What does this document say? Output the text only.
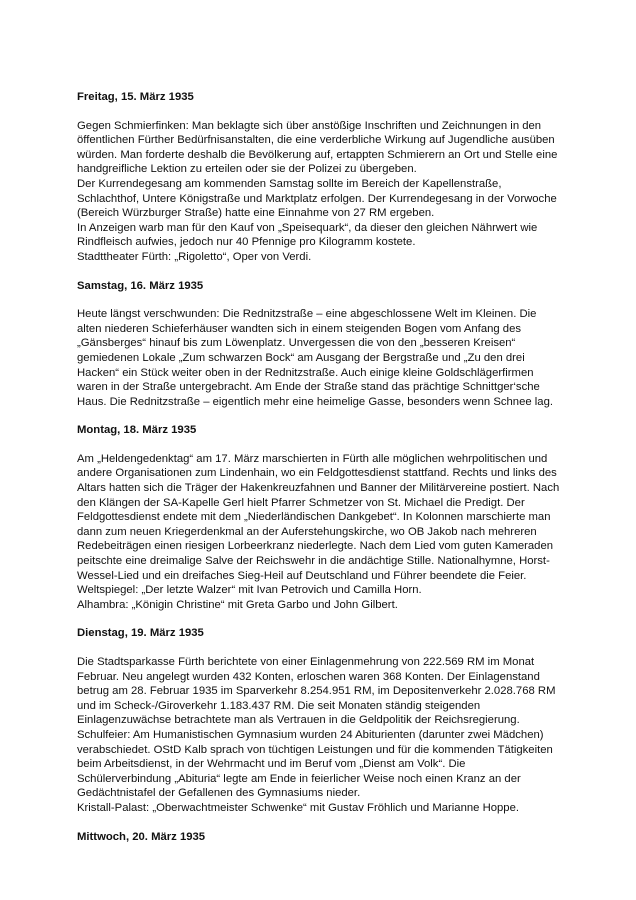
Freitag, 15. März 1935

Gegen Schmierfinken: Man beklagte sich über anstößige Inschriften und Zeichnungen in den öffentlichen Fürther Bedürfnisanstalten, die eine verderbliche Wirkung auf Jugendliche ausüben würden. Man forderte deshalb die Bevölkerung auf, ertappten Schmierern an Ort und Stelle eine handgreifliche Lektion zu erteilen oder sie der Polizei zu übergeben.

Der Kurrendegesang am kommenden Samstag sollte im Bereich der Kapellenstraße, Schlachthof, Untere Königstraße und Marktplatz erfolgen. Der Kurrendegesang in der Vorwoche (Bereich Würzburger Straße) hatte eine Einnahme von 27 RM ergeben.

In Anzeigen warb man für den Kauf von „Speisequark“, da dieser den gleichen Nährwert wie Rindfleisch aufwies, jedoch nur 40 Pfennige pro Kilogramm kostete.

Stadttheater Fürth: „Rigoletto“, Oper von Verdi.

Samstag, 16. März 1935

Heute längst verschwunden: Die Rednitzstraße – eine abgeschlossene Welt im Kleinen. Die alten niederen Schieferhäuser wandten sich in einem steigenden Bogen vom Anfang des „Gänsberges“ hinauf bis zum Löwenplatz. Unvergessen die von den „besseren Kreisen“ gemiedenen Lokale „Zum schwarzen Bock“ am Ausgang der Bergstraße und „Zu den drei Hacken“ ein Stück weiter oben in der Rednitzstraße. Auch einige kleine Goldschlägerfirmen waren in der Straße untergebracht. Am Ende der Straße stand das prächtige Schnittger‘sche Haus. Die Rednitzstraße – eigentlich mehr eine heimelige Gasse, besonders wenn Schnee lag.

Montag, 18. März 1935

Am „Heldengedenktag“ am 17. März marschierten in Fürth alle möglichen wehrpolitischen und andere Organisationen zum Lindenhain, wo ein Feldgottesdienst stattfand. Rechts und links des Altars hatten sich die Träger der Hakenkreuzfahnen und Banner der Militärvereine postiert. Nach den Klängen der SA-Kapelle Gerl hielt Pfarrer Schmetzer von St. Michael die Predigt. Der Feldgottesdienst endete mit dem „Niederländischen Dankgebet“. In Kolonnen marschierte man dann zum neuen Kriegerdenkmal an der Auferstehungskirche, wo OB Jakob nach mehreren Redebeiträgen einen riesigen Lorbeerkranz niederlegte. Nach dem Lied vom guten Kameraden peitschte eine dreimalige Salve der Reichswehr in die andächtige Stille. Nationalhymne, Horst-Wessel-Lied und ein dreifaches Sieg-Heil auf Deutschland und Führer beendete die Feier.

Weltspiegel: „Der letzte Walzer“ mit Ivan Petrovich und Camilla Horn.

Alhambra: „Königin Christine“ mit Greta Garbo und John Gilbert.

Dienstag, 19. März 1935

Die Stadtsparkasse Fürth berichtete von einer Einlagenmehrung von 222.569 RM im Monat Februar. Neu angelegt wurden 432 Konten, erloschen waren 368 Konten. Der Einlagenstand betrug am 28. Februar 1935 im Sparverkehr 8.254.951 RM, im Depositenverkehr 2.028.768 RM und im Scheck-/Giroverkehr 1.183.437 RM. Die seit Monaten ständig steigenden Einlagenzuwächse betrachtete man als Vertrauen in die Geldpolitik der Reichsregierung.

Schulfeier: Am Humanistischen Gymnasium wurden 24 Abiturienten (darunter zwei Mädchen) verabschiedet. OStD Kalb sprach von tüchtigen Leistungen und für die kommenden Tätigkeiten beim Arbeitsdienst, in der Wehrmacht und im Beruf vom „Dienst am Volk“. Die Schülerverbindung „Abituria“ legte am Ende in feierlicher Weise noch einen Kranz an der Gedächtnistafel der Gefallenen des Gymnasiums nieder.

Kristall-Palast: „Oberwachtmeister Schwenke“ mit Gustav Fröhlich und Marianne Hoppe.

Mittwoch, 20. März 1935
